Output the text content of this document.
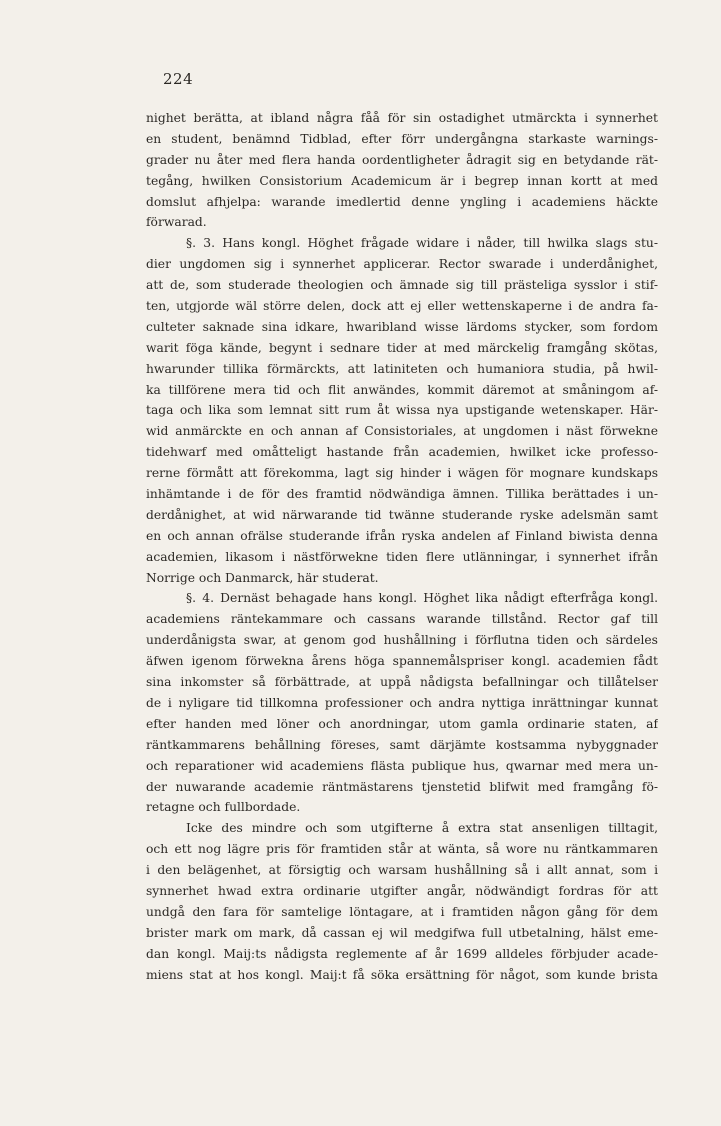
224
nighet berätta, at ibland några fåå för sin ostadighet utmärckta i synnerhet
en student, benämnd Tidblad, efter förr undergångna starkaste warnings-
grader nu åter med flera handa oordentligheter ådragit sig en betydande rät-
tegång, hwilken Consistorium Academicum är i begrep innan kortt at med
domslut afhjelpa: warande imedlertid denne yngling i academiens häckte
förwarad.
§. 3. Hans kongl. Höghet frågade widare i nåder, till hwilka slags stu-
dier ungdomen sig i synnerhet applicerar. Rector swarade i underdånighet,
att de, som studerade theologien och ämnade sig till prästeliga sysslor i stif-
ten, utgjorde wäl större delen, dock att ej eller wettenskaperne i de andra fa-
culteter saknade sina idkare, hwaribland wisse lärdoms stycker, som fordom
warit föga kände, begynt i sednare tider at med märckelig framgång skötas,
hwarunder tillika förmärckts, att latiniteten och humaniora studia, på hwil-
ka tillförene mera tid och flit anwändes, kommit däremot at småningom af-
taga och lika som lemnat sitt rum åt wissa nya upstigande wetenskaper. Här-
wid anmärckte en och annan af Consistoriales, at ungdomen i näst förwekne
tidehwarf med omåtteligt hastande från academien, hwilket icke professo-
rerne förmått att förekomma, lagt sig hinder i wägen för mognare kundskaps
inhämtande i de för des framtid nödwändiga ämnen. Tillika berättades i un-
derdånighet, at wid närwarande tid twänne studerande ryske adelsmän samt
en och annan ofrälse studerande ifrån ryska andelen af Finland biwista denna
academien, likasom i nästförwekne tiden flere utlänningar, i synnerhet ifrån
Norrige och Danmarck, här studerat.
§. 4. Dernäst behagade hans kongl. Höghet lika nådigt efterfråga kongl.
academiens räntekammare och cassans warande tillstånd. Rector gaf till
underdånigsta swar, at genom god hushållning i förflutna tiden och särdeles
äfwen igenom förwekna årens höga spannemålspriser kongl. academien fådt
sina inkomster så förbättrade, at uppå nådigsta befallningar och tillåtelser
de i nyligare tid tillkomna professioner och andra nyttiga inrättningar kunnat
efter handen med löner och anordningar, utom gamla ordinarie staten, af
räntkammarens behållning föreses, samt därjämte kostsamma nybyggnader
och reparationer wid academiens flästa publique hus, qwarnar med mera un-
der nuwarande academie räntmästarens tjenstetid blifwit med framgång fö-
retagne och fullbordade.
Icke des mindre och som utgifterne å extra stat ansenligen tilltagit,
och ett nog lägre pris för framtiden står at wänta, så wore nu räntkammaren
i den belägenhet, at försigtig och warsam hushållning så i allt annat, som i
synnerhet hwad extra ordinarie utgifter angår, nödwändigt fordras för att
undgå den fara för samtelige löntagare, at i framtiden någon gång för dem
brister mark om mark, då cassan ej wil medgifwa full utbetalning, hälst eme-
dan kongl. Maij:ts nådigsta reglemente af år 1699 alldeles förbjuder acade-
miens stat at hos kongl. Maij:t få söka ersättning för något, som kunde brista
